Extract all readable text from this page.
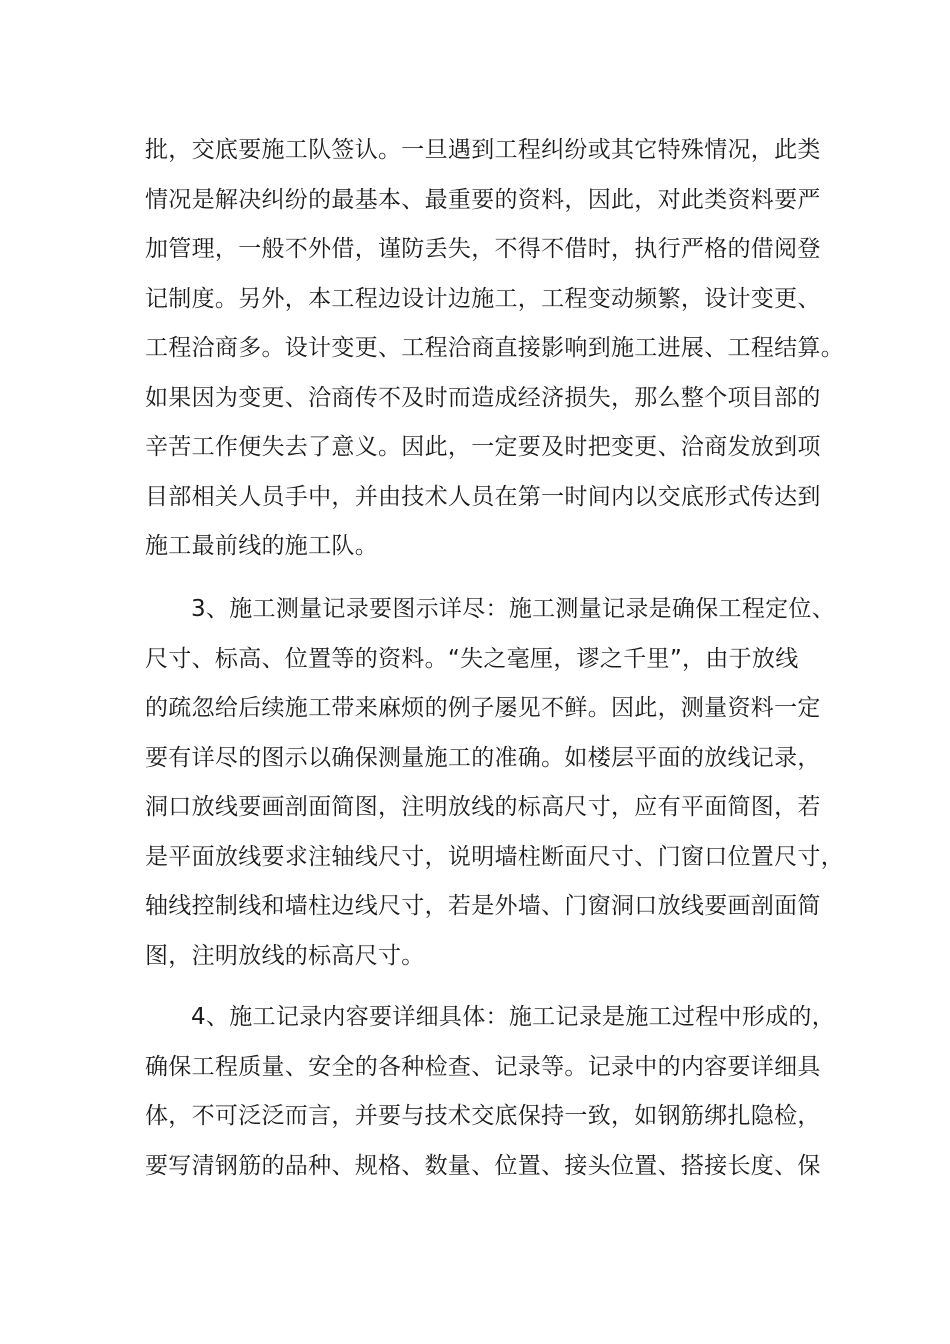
批，交底要施工队签认。一旦遇到工程纠纷或其它特殊情况，此类
情况是解决纠纷的最基本、最重要的资料，因此，对此类资料要严
加管理，一般不外借，谨防丢失，不得不借时，执行严格的借阅登
记制度。另外，本工程边设计边施工，工程变动频繁，设计变更、
工程洽商多。设计变更、工程洽商直接影响到施工进展、工程结算。
如果因为变更、洽商传不及时而造成经济损失，那么整个项目部的
辛苦工作便失去了意义。因此，一定要及时把变更、洽商发放到项
目部相关人员手中，并由技术人员在第一时间内以交底形式传达到
施工最前线的施工队。
3、施工测量记录要图示详尽：施工测量记录是确保工程定位、
尺寸、标高、位置等的资料。“失之毫厘，谬之千里”，由于放线
的疏忽给后续施工带来麻烦的例子屡见不鲜。因此，测量资料一定
要有详尽的图示以确保测量施工的准确。如楼层平面的放线记录，
洞口放线要画剖面简图，注明放线的标高尺寸，应有平面简图，若
是平面放线要求注轴线尺寸，说明墙柱断面尺寸、门窗口位置尺寸，
轴线控制线和墙柱边线尺寸，若是外墙、门窗洞口放线要画剖面简
图，注明放线的标高尺寸。
4、施工记录内容要详细具体：施工记录是施工过程中形成的，
确保工程质量、安全的各种检查、记录等。记录中的内容要详细具
体，不可泛泛而言，并要与技术交底保持一致，如钢筋绑扎隐检，
要写清钢筋的品种、规格、数量、位置、接头位置、搭接长度、保
